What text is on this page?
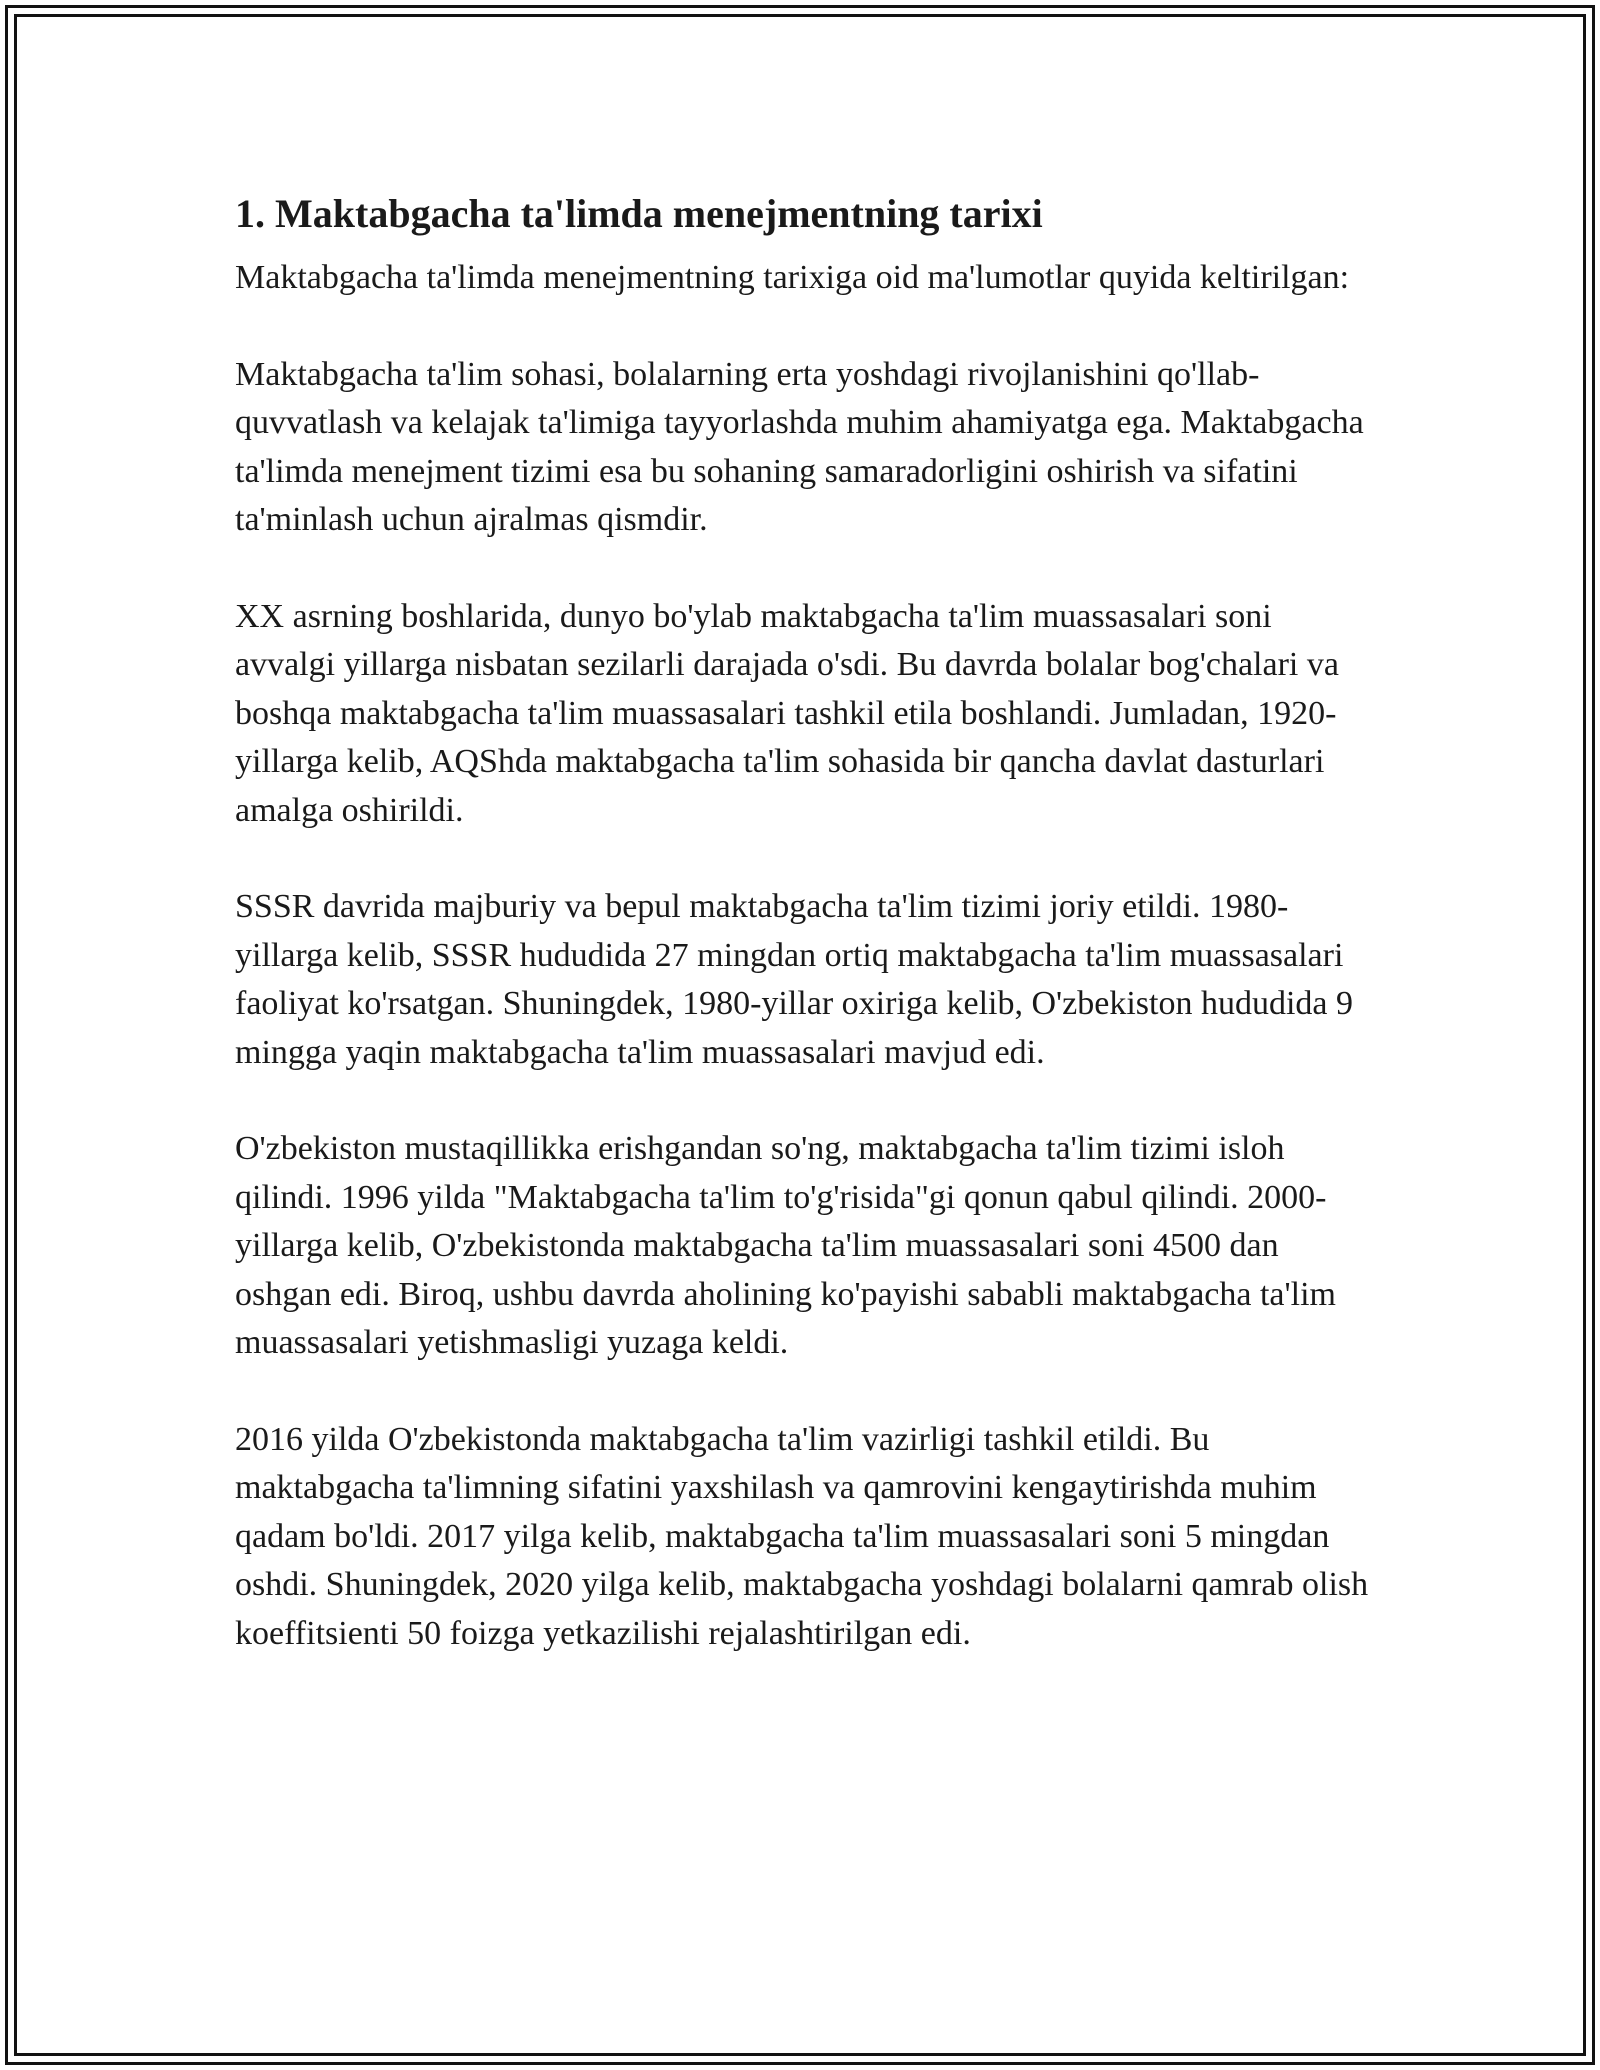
1. Maktabgacha ta'limda menejmentning tarixi

Maktabgacha ta'limda menejmentning tarixiga oid ma'lumotlar quyida keltirilgan:

Maktabgacha ta'lim sohasi, bolalarning erta yoshdagi rivojlanishini qo'llab-quvvatlash va kelajak ta'limiga tayyorlashda muhim ahamiyatga ega. Maktabgacha ta'limda menejment tizimi esa bu sohaning samaradorligini oshirish va sifatini ta'minlash uchun ajralmas qismdir.

XX asrning boshlarida, dunyo bo'ylab maktabgacha ta'lim muassasalari soni avvalgi yillarga nisbatan sezilarli darajada o'sdi. Bu davrda bolalar bog'chalari va boshqa maktabgacha ta'lim muassasalari tashkil etila boshlandi. Jumladan, 1920-yillarga kelib, AQShda maktabgacha ta'lim sohasida bir qancha davlat dasturlari amalga oshirildi.

SSSR davrida majburiy va bepul maktabgacha ta'lim tizimi joriy etildi. 1980-yillarga kelib, SSSR hududida 27 mingdan ortiq maktabgacha ta'lim muassasalari faoliyat ko'rsatgan. Shuningdek, 1980-yillar oxiriga kelib, O'zbekiston hududida 9 mingga yaqin maktabgacha ta'lim muassasalari mavjud edi.

O'zbekiston mustaqillikka erishgandan so'ng, maktabgacha ta'lim tizimi isloh qilindi. 1996 yilda "Maktabgacha ta'lim to'g'risida"gi qonun qabul qilindi. 2000-yillarga kelib, O'zbekistonda maktabgacha ta'lim muassasalari soni 4500 dan oshgan edi. Biroq, ushbu davrda aholining ko'payishi sababli maktabgacha ta'lim muassasalari yetishmasligi yuzaga keldi.

2016 yilda O'zbekistonda maktabgacha ta'lim vazirligi tashkil etildi. Bu maktabgacha ta'limning sifatini yaxshilash va qamrovini kengaytirishda muhim qadam bo'ldi. 2017 yilga kelib, maktabgacha ta'lim muassasalari soni 5 mingdan oshdi. Shuningdek, 2020 yilga kelib, maktabgacha yoshdagi bolalarni qamrab olish koeffitsienti 50 foizga yetkazilishi rejalashtirilgan edi.
